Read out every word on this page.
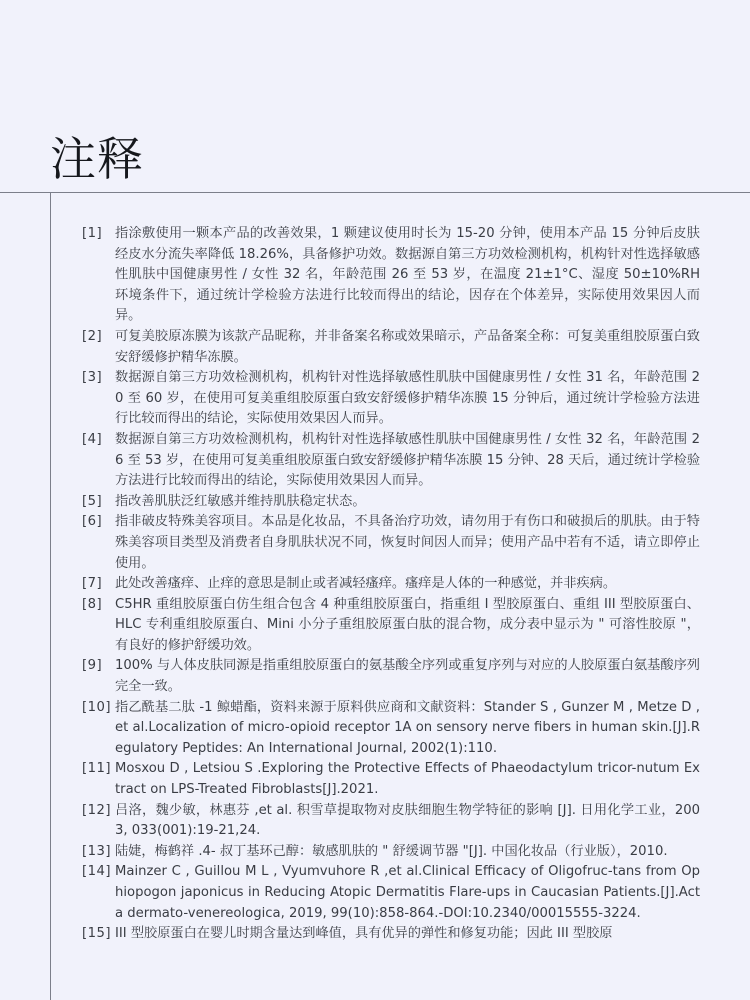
注释
[1] 指涂敷使用一颗本产品的改善效果，1 颗建议使用时长为 15-20 分钟，使用本产品 15 分钟后皮肤经皮水分流失率降低 18.26%，具备修护功效。数据源自第三方功效检测机构，机构针对性选择敏感性肌肤中国健康男性 / 女性 32 名，年龄范围 26 至 53 岁，在温度 21±1°C、湿度 50±10%RH 环境条件下，通过统计学检验方法进行比较而得出的结论，因存在个体差异，实际使用效果因人而异。
[2] 可复美胶原冻膜为该款产品昵称，并非备案名称或效果暗示，产品备案全称：可复美重组胶原蛋白致安舒缓修护精华冻膜。
[3] 数据源自第三方功效检测机构，机构针对性选择敏感性肌肤中国健康男性 / 女性 31 名，年龄范围 20 至 60 岁，在使用可复美重组胶原蛋白致安舒缓修护精华冻膜 15 分钟后，通过统计学检验方法进行比较而得出的结论，实际使用效果因人而异。
[4] 数据源自第三方功效检测机构，机构针对性选择敏感性肌肤中国健康男性 / 女性 32 名，年龄范围 26 至 53 岁，在使用可复美重组胶原蛋白致安舒缓修护精华冻膜 15 分钟、28 天后，通过统计学检验方法进行比较而得出的结论，实际使用效果因人而异。
[5] 指改善肌肤泛红敏感并维持肌肤稳定状态。
[6] 指非破皮特殊美容项目。本品是化妆品，不具备治疗功效，请勿用于有伤口和破损后的肌肤。由于特殊美容项目类型及消费者自身肌肤状况不同，恢复时间因人而异；使用产品中若有不适，请立即停止使用。
[7] 此处改善瘙痒、止痒的意思是制止或者减轻瘙痒。瘙痒是人体的一种感觉，并非疾病。
[8] C5HR 重组胶原蛋白仿生组合包含 4 种重组胶原蛋白，指重组 I 型胶原蛋白、重组 III 型胶原蛋白、HLC 专利重组胶原蛋白、Mini 小分子重组胶原蛋白肽的混合物，成分表中显示为 " 可溶性胶原 "，有良好的修护舒缓功效。
[9] 100% 与人体皮肤同源是指重组胶原蛋白的氨基酸全序列或重复序列与对应的人胶原蛋白氨基酸序列完全一致。
[10] 指乙酰基二肽 -1 鲸蜡酯，资料来源于原料供应商和文献资料：Stander S , Gunzer M , Metze D ,et al.Localization of micro-opioid receptor 1A on sensory nerve fibers in human skin.[J].Regulatory Peptides: An International Journal, 2002(1):110.
[11] Mosxou D , Letsiou S .Exploring the Protective Effects of Phaeodactylum tricor-nutum Extract on LPS-Treated Fibroblasts[J].2021.
[12] 吕洛，魏少敏，林惠芬 ,et al. 积雪草提取物对皮肤细胞生物学特征的影响 [J]. 日用化学工业，2003, 033(001):19-21,24.
[13] 陆婕，梅鹤祥 .4- 叔丁基环己醇：敏感肌肤的 " 舒缓调节器 "[J]. 中国化妆品（行业版），2010.
[14] Mainzer C , Guillou M L , Vyumvuhore R ,et al.Clinical Efficacy of Oligofruc-tans from Ophiopogon japonicus in Reducing Atopic Dermatitis Flare-ups in Caucasian Patients.[J].Acta dermato-venereologica, 2019, 99(10):858-864.-DOI:10.2340/00015555-3224.
[15] III 型胶原蛋白在婴儿时期含量达到峰值，具有优异的弹性和修复功能；因此 III 型胶原
